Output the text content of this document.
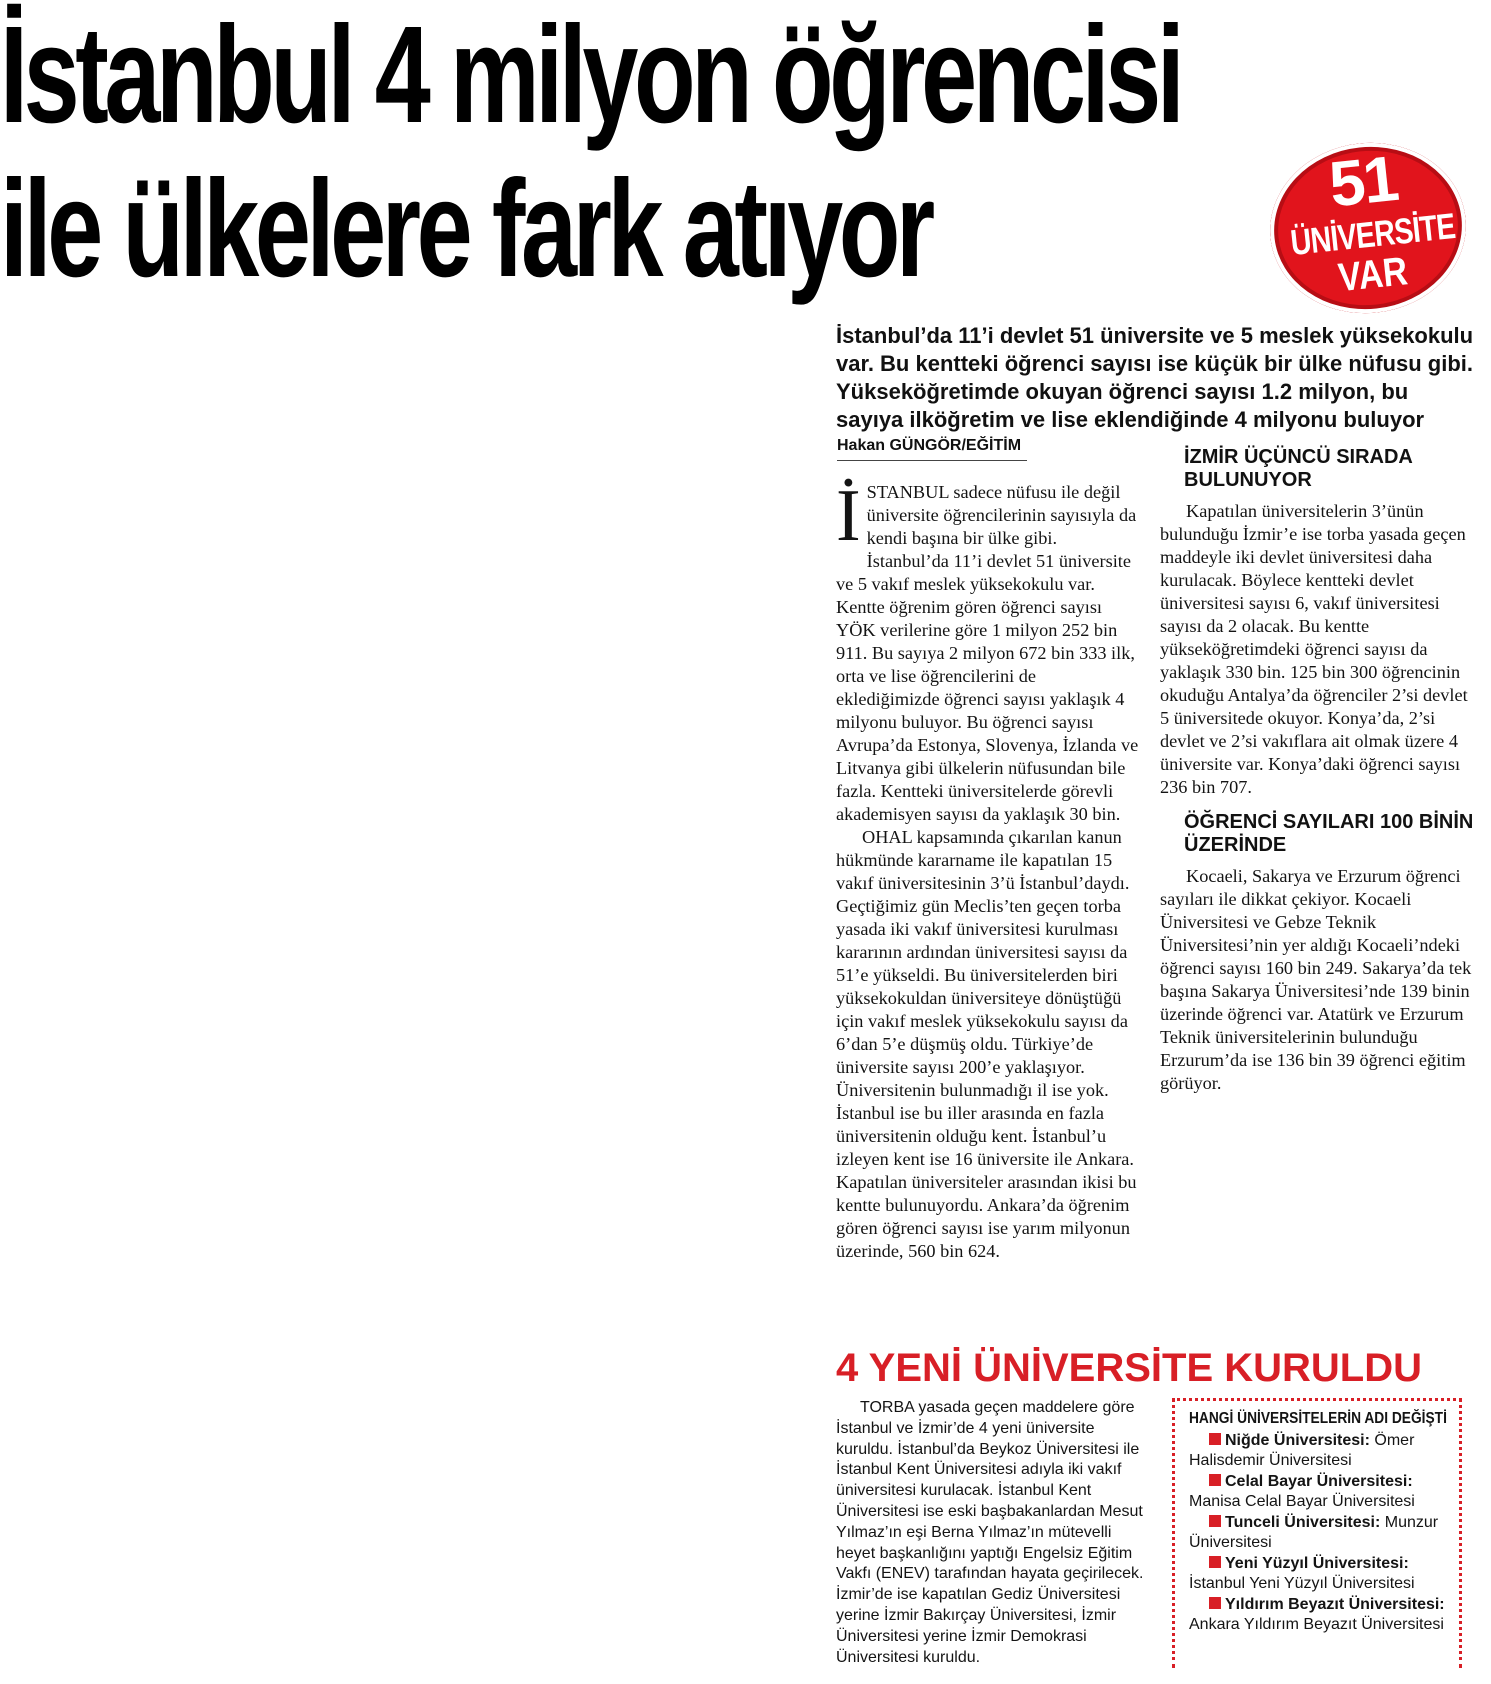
İstanbul 4 milyon öğrencisi
ile ülkelere fark atıyor	51
ÜNİVERSİTE
VAR
İstanbul’da 11’i devlet 51 üniversite ve 5 meslek yüksekokulu var. Bu kentteki öğrenci sayısı ise küçük bir ülke nüfusu gibi. Yükseköğretimde okuyan öğrenci sayısı 1.2 milyon, bu sayıya ilköğretim ve lise eklendiğinde 4 milyonu buluyor
Hakan GÜNGÖR/EĞİTİM
İ STANBUL sadece nüfusu ile değil üniversite öğrencilerinin sayısıyla da kendi başına bir ülke gibi. İstanbul’da 11’i devlet 51 üniversite ve 5 vakıf meslek yüksekokulu var. Kentte öğrenim gören öğrenci sayısı YÖK verilerine göre 1 milyon 252 bin 911. Bu sayıya 2 milyon 672 bin 333 ilk, orta ve lise öğrencilerini de eklediğimizde öğrenci sayısı yaklaşık 4 milyonu buluyor. Bu öğrenci sayısı Avrupa’da Estonya, Slovenya, İzlanda ve Litvanya gibi ülkelerin nüfusundan bile fazla. Kentteki üniversitelerde görevli akademisyen sayısı da yaklaşık 30 bin.

OHAL kapsamında çıkarılan kanun hükmünde kararname ile kapatılan 15 vakıf üniversitesinin 3’ü İstanbul’daydı. Geçtiğimiz gün Meclis’ten geçen torba yasada iki vakıf üniversitesi kurulması kararının ardından üniversitesi sayısı da 51’e yükseldi. Bu üniversitelerden biri yüksekokuldan üniversiteye dönüştüğü için vakıf meslek yüksekokulu sayısı da 6’dan 5’e düşmüş oldu. Türkiye’de üniversite sayısı 200’e yaklaşıyor. Üniversitenin bulunmadığı il ise yok. İstanbul ise bu iller arasında en fazla üniversitenin olduğu kent. İstanbul’u izleyen kent ise 16 üniversite ile Ankara. Kapatılan üniversiteler arasından ikisi bu kentte bulunuyordu. Ankara’da öğrenim gören öğrenci sayısı ise yarım milyonun üzerinde, 560 bin 624.

İZMİR ÜÇÜNCÜ SIRADA BULUNUYOR

Kapatılan üniversitelerin 3’ünün bulunduğu İzmir’e ise torba yasada geçen maddeyle iki devlet üniversitesi daha kurulacak. Böylece kentteki devlet üniversitesi sayısı 6, vakıf üniversitesi sayısı da 2 olacak. Bu kentte yükseköğretimdeki öğrenci sayısı da yaklaşık 330 bin. 125 bin 300 öğrencinin okuduğu Antalya’da öğrenciler 2’si devlet 5 üniversitede okuyor. Konya’da, 2’si devlet ve 2’si vakıflara ait olmak üzere 4 üniversite var. Konya’daki öğrenci sayısı 236 bin 707.

ÖĞRENCİ SAYILARI 100 BİNİN ÜZERİNDE

Kocaeli, Sakarya ve Erzurum öğrenci sayıları ile dikkat çekiyor. Kocaeli Üniversitesi ve Gebze Teknik Üniversitesi’nin yer aldığı Kocaeli’ndeki öğrenci sayısı 160 bin 249. Sakarya’da tek başına Sakarya Üniversitesi’nde 139 binin üzerinde öğrenci var. Atatürk ve Erzurum Teknik üniversitelerinin bulunduğu Erzurum’da ise 136 bin 39 öğrenci eğitim görüyor.

4 YENİ ÜNİVERSİTE KURULDU

TORBA yasada geçen maddelere göre İstanbul ve İzmir’de 4 yeni üniversite kuruldu. İstanbul’da Beykoz Üniversitesi ile İstanbul Kent Üniversitesi adıyla iki vakıf üniversitesi kurulacak. İstanbul Kent Üniversitesi ise eski başbakanlardan Mesut Yılmaz’ın eşi Berna Yılmaz’ın mütevelli heyet başkanlığını yaptığı Engelsiz Eğitim Vakfı (ENEV) tarafından hayata geçirilecek. İzmir’de ise kapatılan Gediz Üniversitesi yerine İzmir Bakırçay Üniversitesi, İzmir Üniversitesi yerine İzmir Demokrasi Üniversitesi kuruldu.

HANGİ ÜNİVERSİTELERİN ADI DEĞİŞTİ
Niğde Üniversitesi: Ömer Halisdemir Üniversitesi
Celal Bayar Üniversitesi: Manisa Celal Bayar Üniversitesi
Tunceli Üniversitesi: Munzur Üniversitesi
Yeni Yüzyıl Üniversitesi: İstanbul Yeni Yüzyıl Üniversitesi
Yıldırım Beyazıt Üniversitesi: Ankara Yıldırım Beyazıt Üniversitesi
